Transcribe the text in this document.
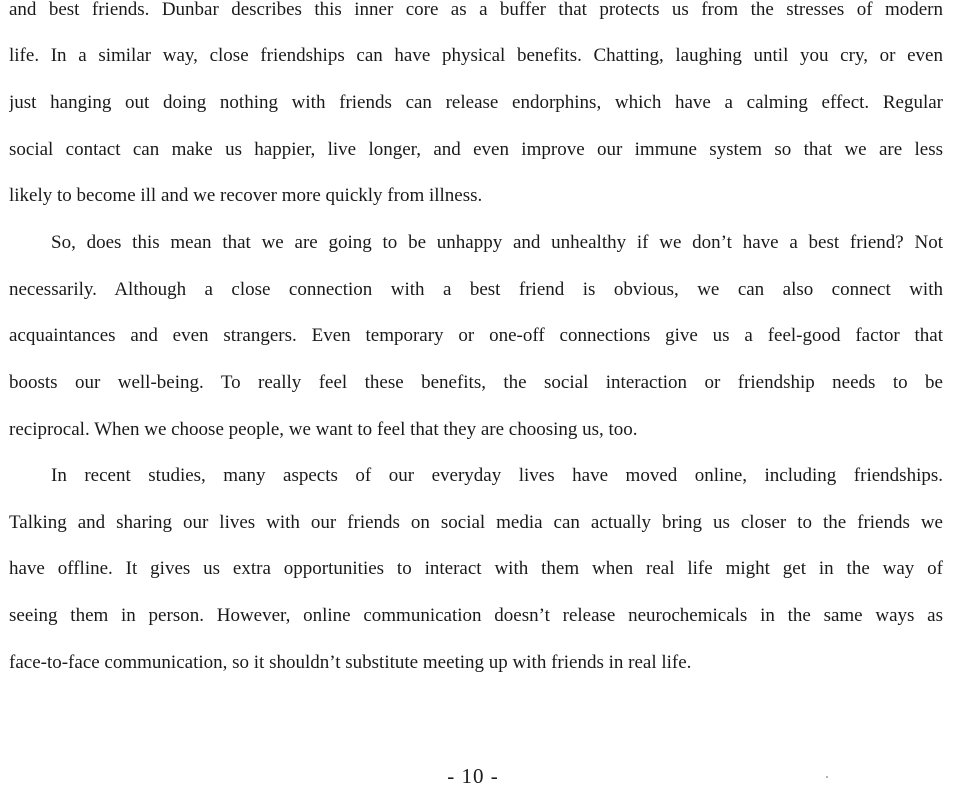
and best friends. Dunbar describes this inner core as a buffer that protects us from the stresses of modern
life. In a similar way, close friendships can have physical benefits. Chatting, laughing until you cry, or even
just hanging out doing nothing with friends can release endorphins, which have a calming effect. Regular
social contact can make us happier, live longer, and even improve our immune system so that we are less
likely to become ill and we recover more quickly from illness.
So, does this mean that we are going to be unhappy and unhealthy if we don’t have a best friend? Not
necessarily. Although a close connection with a best friend is obvious, we can also connect with
acquaintances and even strangers. Even temporary or one-off connections give us a feel-good factor that
boosts our well-being. To really feel these benefits, the social interaction or friendship needs to be
reciprocal. When we choose people, we want to feel that they are choosing us, too.
In recent studies, many aspects of our everyday lives have moved online, including friendships.
Talking and sharing our lives with our friends on social media can actually bring us closer to the friends we
have offline. It gives us extra opportunities to interact with them when real life might get in the way of
seeing them in person. However, online communication doesn’t release neurochemicals in the same ways as
face-to-face communication, so it shouldn’t substitute meeting up with friends in real life.
- 10 -
